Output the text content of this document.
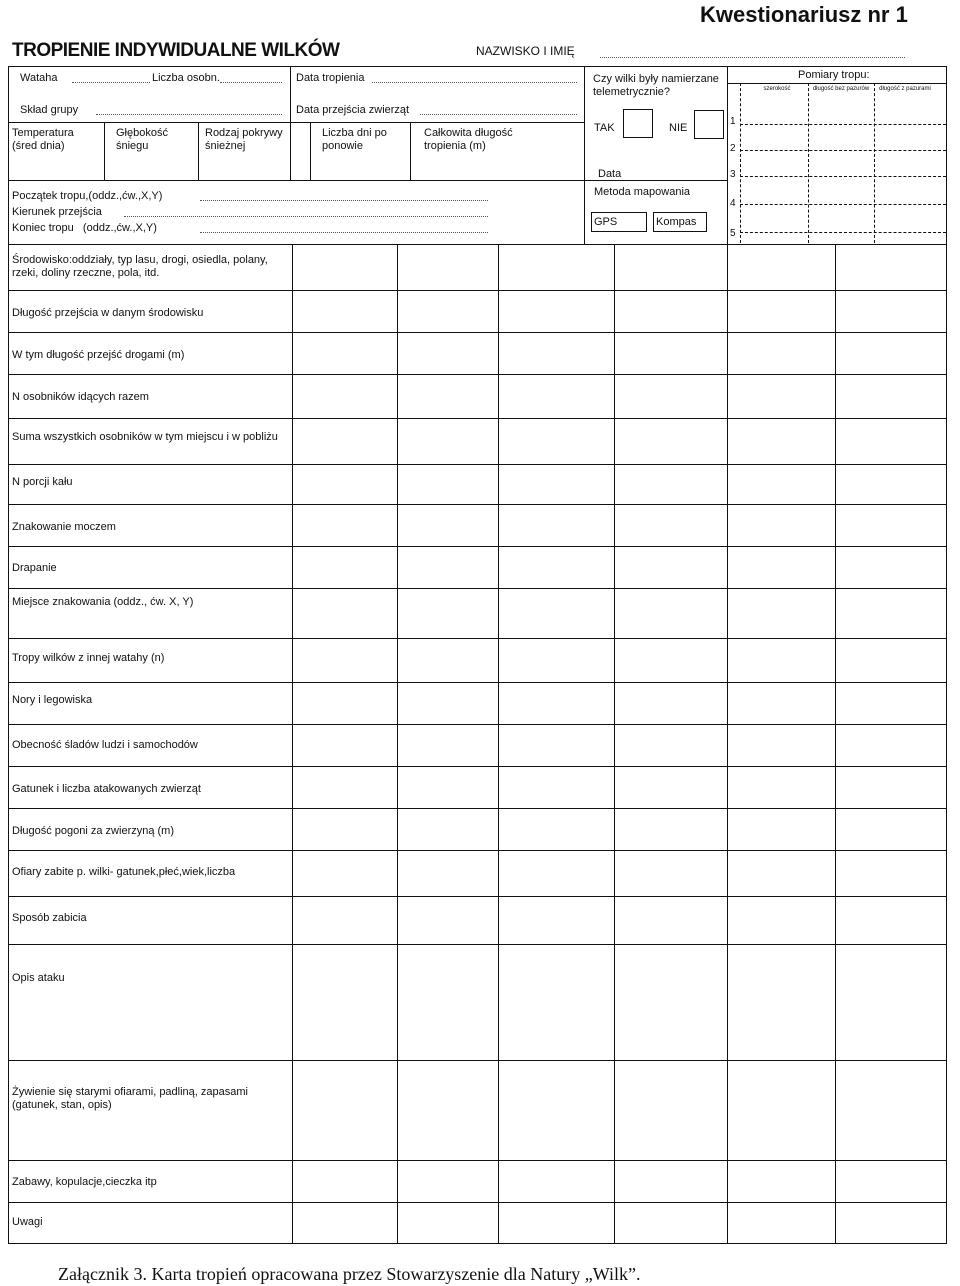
Kwestionariusz nr 1
TROPIENIE INDYWIDUALNE WILKÓW	NAZWISKO I IMIĘ
Wataha	Liczba osobn.
Skład grupy
Data tropienia
Data przejścia zwierząt
Temperatura (śred dnia)
Głębokość śniegu
Rodzaj pokrywy śnieżnej
Liczba dni po ponowie
Całkowita długość tropienia (m)
Początek tropu,(oddz.,ćw.,X,Y)
Kierunek przejścia
Koniec tropu   (oddz.,ćw.,X,Y)
Czy wilki były namierzane telemetrycznie?
TAK	NIE
Data
Metoda mapowania
GPS	Kompas
Pomiary tropu:
szerokość	długość bez pazurów	długość z pazurami
1
2
3
4
5
Środowisko:oddziały, typ lasu, drogi, osiedla, polany, rzeki, doliny rzeczne, pola, itd.
Długość przejścia w danym środowisku
W tym długość przejść drogami (m)
N osobników idących razem
Suma wszystkich osobników w tym miejscu i w pobliżu
N porcji kału
Znakowanie moczem
Drapanie
Miejsce znakowania (oddz., ćw. X, Y)
Tropy wilków z innej watahy (n)
Nory i legowiska
Obecność śladów ludzi i samochodów
Gatunek i liczba atakowanych zwierząt
Długość pogoni za zwierzyną (m)
Ofiary zabite p. wilki- gatunek,płeć,wiek,liczba
Sposób zabicia
Opis ataku
Żywienie się starymi ofiarami, padliną, zapasami (gatunek, stan, opis)
Zabawy, kopulacje,cieczka itp
Uwagi
Załącznik 3. Karta tropień opracowana przez Stowarzyszenie dla Natury „Wilk”.
